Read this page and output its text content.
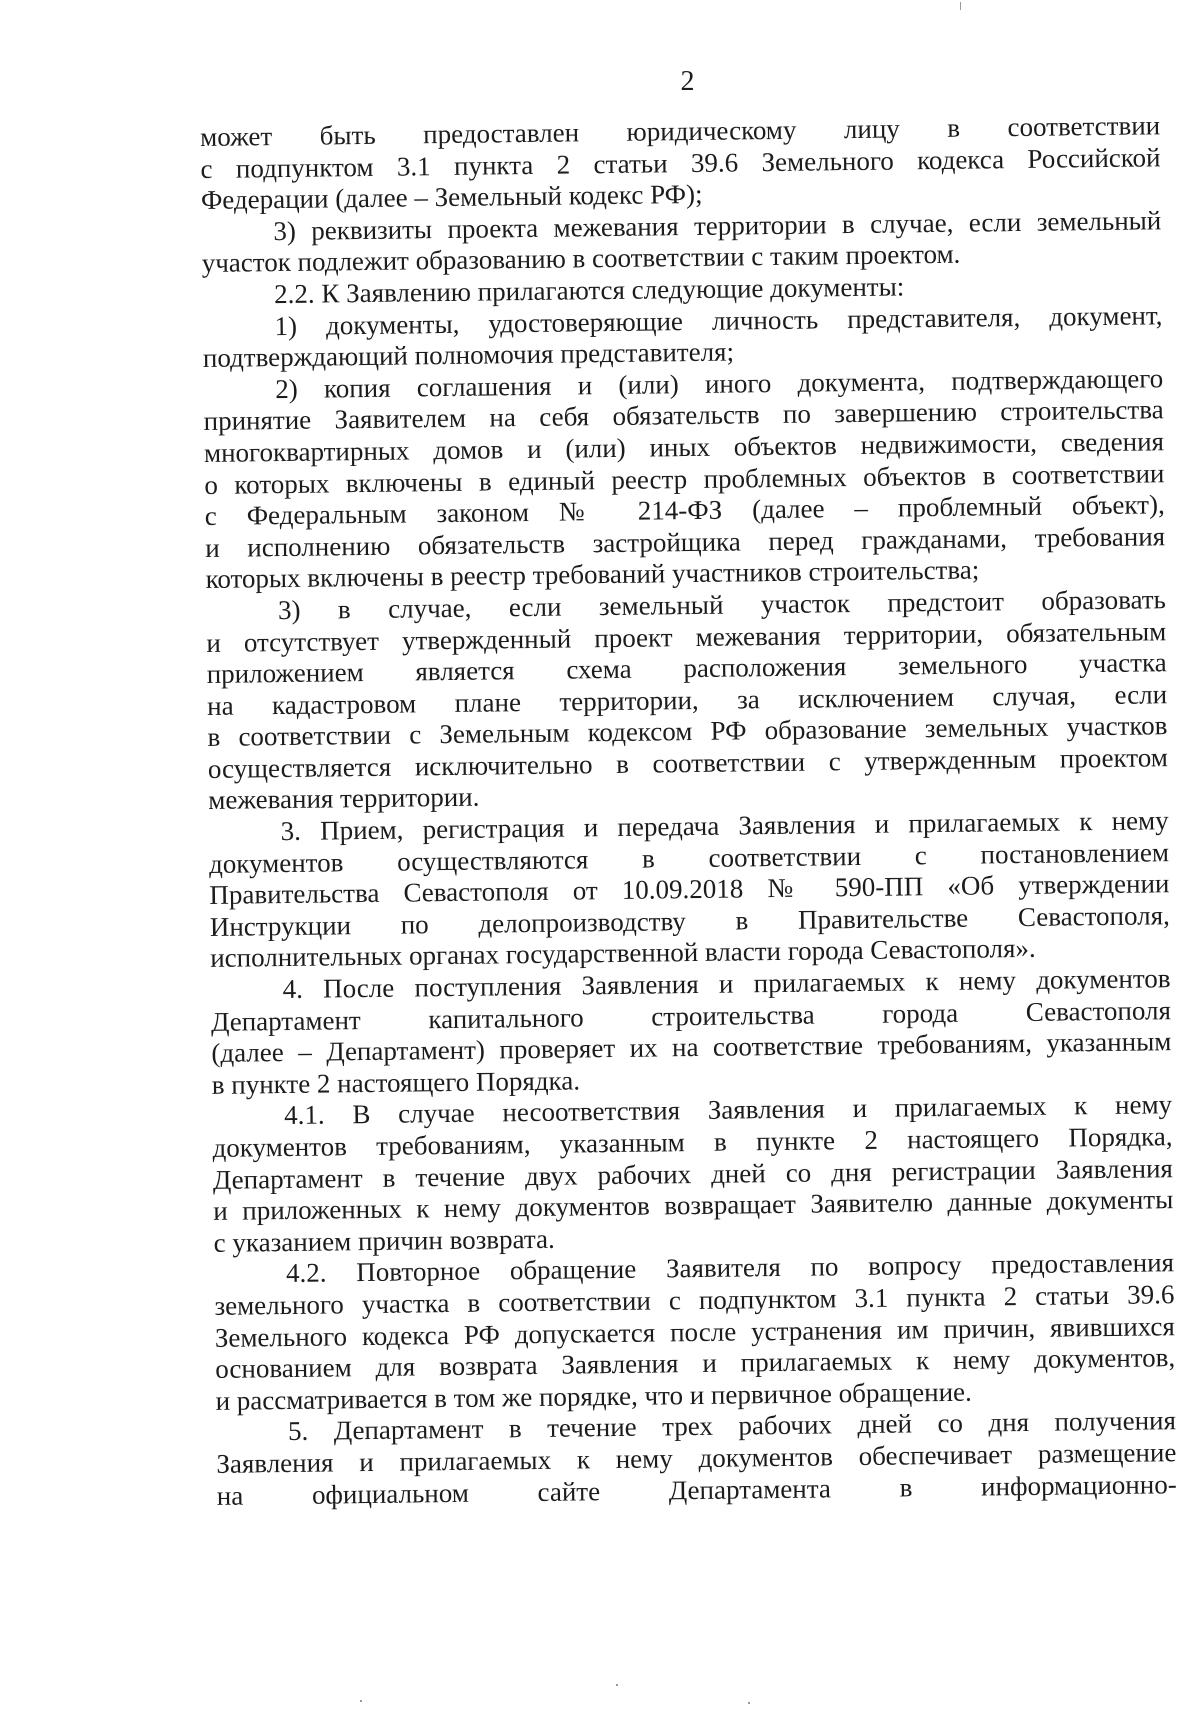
2
может быть предоставлен юридическому лицу в соответствии
с подпунктом 3.1 пункта 2 статьи 39.6 Земельного кодекса Российской
Федерации (далее – Земельный кодекс РФ);
3) реквизиты проекта межевания территории в случае, если земельный
участок подлежит образованию в соответствии с таким проектом.
2.2. К Заявлению прилагаются следующие документы:
1) документы, удостоверяющие личность представителя, документ,
подтверждающий полномочия представителя;
2) копия соглашения и (или) иного документа, подтверждающего
принятие Заявителем на себя обязательств по завершению строительства
многоквартирных домов и (или) иных объектов недвижимости, сведения
о которых включены в единый реестр проблемных объектов в соответствии
с Федеральным законом № 214-ФЗ (далее – проблемный объект),
и исполнению обязательств застройщика перед гражданами, требования
которых включены в реестр требований участников строительства;
3) в случае, если земельный участок предстоит образовать
и отсутствует утвержденный проект межевания территории, обязательным
приложением является схема расположения земельного участка
на кадастровом плане территории, за исключением случая, если
в соответствии с Земельным кодексом РФ образование земельных участков
осуществляется исключительно в соответствии с утвержденным проектом
межевания территории.
3. Прием, регистрация и передача Заявления и прилагаемых к нему
документов осуществляются в соответствии с постановлением
Правительства Севастополя от 10.09.2018 № 590-ПП «Об утверждении
Инструкции по делопроизводству в Правительстве Севастополя,
исполнительных органах государственной власти города Севастополя».
4. После поступления Заявления и прилагаемых к нему документов
Департамент капитального строительства города Севастополя
(далее – Департамент) проверяет их на соответствие требованиям, указанным
в пункте 2 настоящего Порядка.
4.1. В случае несоответствия Заявления и прилагаемых к нему
документов требованиям, указанным в пункте 2 настоящего Порядка,
Департамент в течение двух рабочих дней со дня регистрации Заявления
и приложенных к нему документов возвращает Заявителю данные документы
с указанием причин возврата.
4.2. Повторное обращение Заявителя по вопросу предоставления
земельного участка в соответствии с подпунктом 3.1 пункта 2 статьи 39.6
Земельного кодекса РФ допускается после устранения им причин, явившихся
основанием для возврата Заявления и прилагаемых к нему документов,
и рассматривается в том же порядке, что и первичное обращение.
5. Департамент в течение трех рабочих дней со дня получения
Заявления и прилагаемых к нему документов обеспечивает размещение
на официальном сайте Департамента в информационно-
